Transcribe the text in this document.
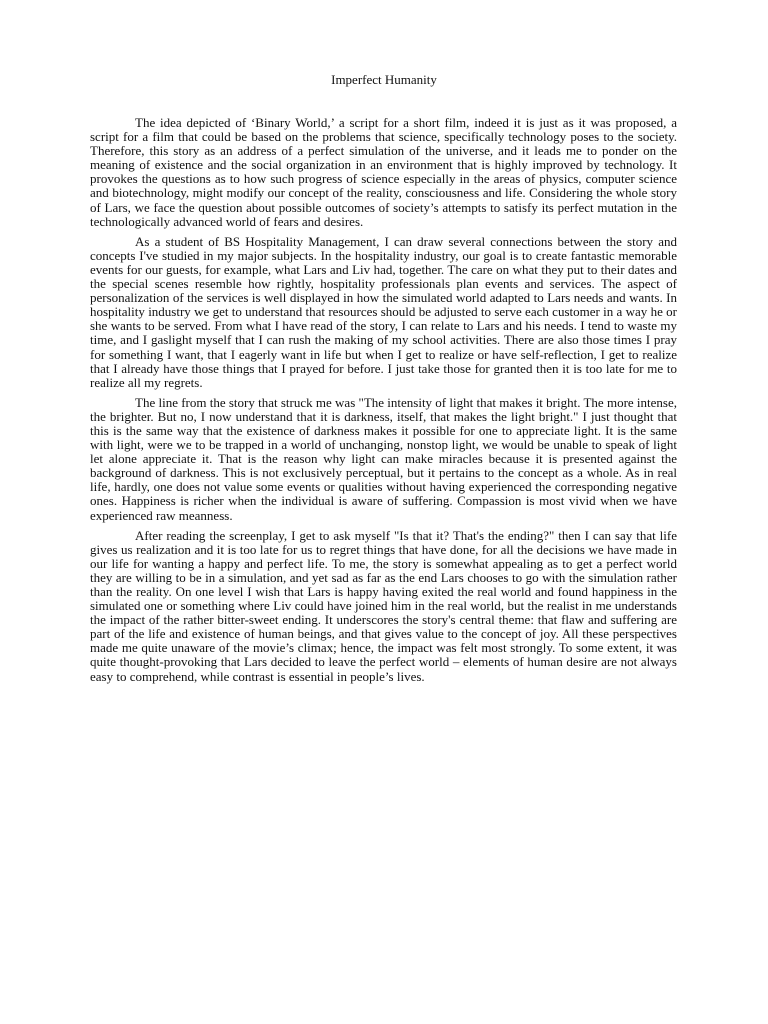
Imperfect Humanity

The idea depicted of ‘Binary World,’ a script for a short film, indeed it is just as it was proposed, a script for a film that could be based on the problems that science, specifically technology poses to the society. Therefore, this story as an address of a perfect simulation of the universe, and it leads me to ponder on the meaning of existence and the social organization in an environment that is highly improved by technology. It provokes the questions as to how such progress of science especially in the areas of physics, computer science and biotechnology, might modify our concept of the reality, consciousness and life. Considering the whole story of Lars, we face the question about possible outcomes of society’s attempts to satisfy its perfect mutation in the technologically advanced world of fears and desires.

As a student of BS Hospitality Management, I can draw several connections between the story and concepts I've studied in my major subjects. In the hospitality industry, our goal is to create fantastic memorable events for our guests, for example, what Lars and Liv had, together. The care on what they put to their dates and the special scenes resemble how rightly, hospitality professionals plan events and services. The aspect of personalization of the services is well displayed in how the simulated world adapted to Lars needs and wants. In hospitality industry we get to understand that resources should be adjusted to serve each customer in a way he or she wants to be served. From what I have read of the story, I can relate to Lars and his needs. I tend to waste my time, and I gaslight myself that I can rush the making of my school activities. There are also those times I pray for something I want, that I eagerly want in life but when I get to realize or have self-reflection, I get to realize that I already have those things that I prayed for before. I just take those for granted then it is too late for me to realize all my regrets.

The line from the story that struck me was "The intensity of light that makes it bright. The more intense, the brighter. But no, I now understand that it is darkness, itself, that makes the light bright." I just thought that this is the same way that the existence of darkness makes it possible for one to appreciate light. It is the same with light, were we to be trapped in a world of unchanging, nonstop light, we would be unable to speak of light let alone appreciate it. That is the reason why light can make miracles because it is presented against the background of darkness. This is not exclusively perceptual, but it pertains to the concept as a whole. As in real life, hardly, one does not value some events or qualities without having experienced the corresponding negative ones. Happiness is richer when the individual is aware of suffering. Compassion is most vivid when we have experienced raw meanness.

After reading the screenplay, I get to ask myself "Is that it? That's the ending?" then I can say that life gives us realization and it is too late for us to regret things that have done, for all the decisions we have made in our life for wanting a happy and perfect life. To me, the story is somewhat appealing as to get a perfect world they are willing to be in a simulation, and yet sad as far as the end Lars chooses to go with the simulation rather than the reality. On one level I wish that Lars is happy having exited the real world and found happiness in the simulated one or something where Liv could have joined him in the real world, but the realist in me understands the impact of the rather bitter-sweet ending. It underscores the story's central theme: that flaw and suffering are part of the life and existence of human beings, and that gives value to the concept of joy. All these perspectives made me quite unaware of the movie’s climax; hence, the impact was felt most strongly. To some extent, it was quite thought-provoking that Lars decided to leave the perfect world – elements of human desire are not always easy to comprehend, while contrast is essential in people’s lives.
